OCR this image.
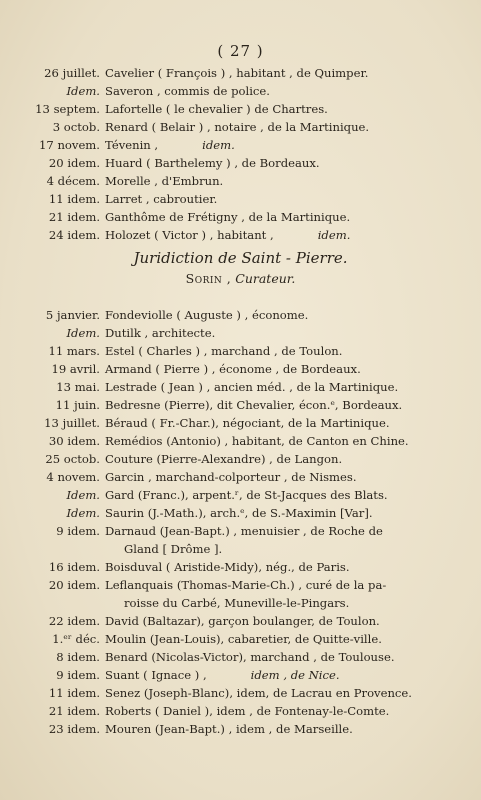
( 27 )
26 juillet. Cavelier ( François ) , habitant , de Quimper.
Idem. Saveron , commis de police.
13 septem. Lafortelle ( le chevalier ) de Chartres.
3 octob. Renard ( Belair ) , notaire , de la Martinique.
17 novem. Tévenin ,	idem.
20 idem. Huard ( Barthelemy ) , de Bordeaux.
4 décem. Morelle , d'Embrun.
11 idem. Larret , cabroutier.
21 idem. Ganthôme de Frétigny , de la Martinique.
24 idem. Holozet ( Victor ) , habitant ,	idem.
Juridiction de Saint - Pierre.
Sorin , Curateur.
5 janvier. Fondeviolle ( Auguste ) , économe.
Idem. Dutilk , architecte.
11 mars. Estel ( Charles ) , marchand , de Toulon.
19 avril. Armand ( Pierre ) , économe , de Bordeaux.
13 mai. Lestrade ( Jean ) , ancien méd. , de la Martinique.
11 juin. Bedresne (Pierre), dit Chevalier, écon.ᵉ, Bordeaux.
13 juillet. Béraud ( Fr.-Char.), négociant, de la Martinique.
30 idem. Remédios (Antonio) , habitant, de Canton en Chine.
25 octob. Couture (Pierre-Alexandre) , de Langon.
4 novem. Garcin , marchand-colporteur , de Nismes.
Idem. Gard (Franc.), arpent.ʳ, de St-Jacques des Blats.
Idem. Saurin (J.-Math.), arch.ᵉ, de S.-Maximin [Var].
9 idem. Darnaud (Jean-Bapt.) , menuisier , de Roche de
Gland [ Drôme ].
16 idem. Boisduval ( Aristide-Midy), nég., de Paris.
20 idem. Leflanquais (Thomas-Marie-Ch.) , curé de la pa-
roisse du Carbé, Muneville-le-Pingars.
22 idem. David (Baltazar), garçon boulanger, de Toulon.
1.ᵉʳ déc. Moulin (Jean-Louis), cabaretier, de Quitte-ville.
8 idem. Benard (Nicolas-Victor), marchand , de Toulouse.
9 idem. Suant ( Ignace ) ,	idem , de Nice.
11 idem. Senez (Joseph-Blanc), idem, de Lacrau en Provence.
21 idem. Roberts ( Daniel ), idem , de Fontenay-le-Comte.
23 idem. Mouren (Jean-Bapt.) , idem , de Marseille.
